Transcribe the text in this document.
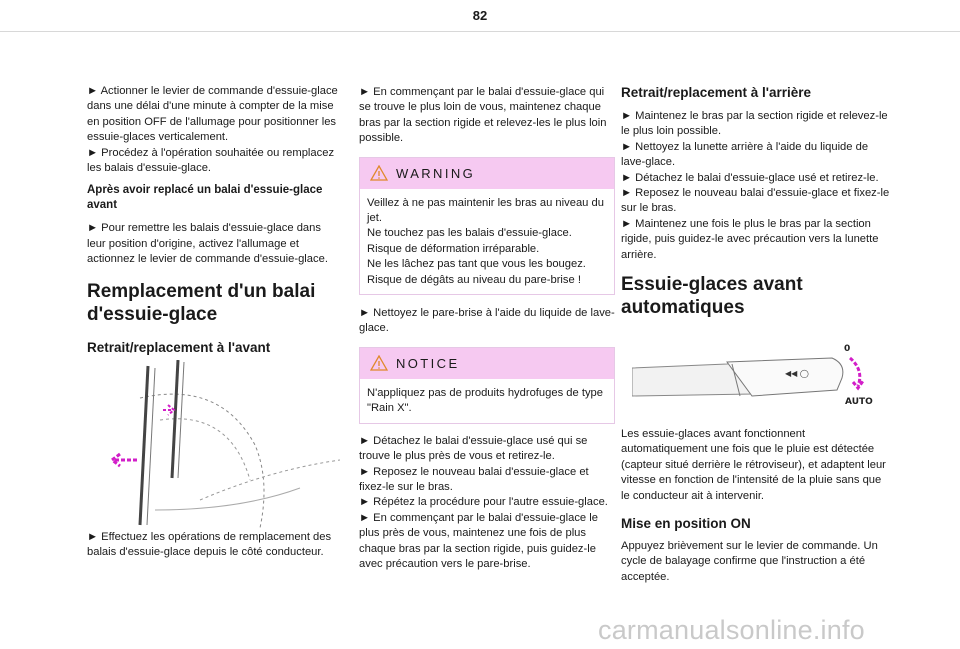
82

► Actionner le levier de commande d'essuie-glace dans une délai d'une minute à compter de la mise en position OFF de l'allumage pour positionner les essuie-glaces verticalement.

► Procédez à l'opération souhaitée ou remplacez les balais d'essuie-glace.

Après avoir replacé un balai d'essuie-glace avant

► Pour remettre les balais d'essuie-glace dans leur position d'origine, activez l'allumage et actionnez le levier de commande d'essuie-glace.

Remplacement d'un balai d'essuie-glace

Retrait/replacement à l'avant

► Effectuez les opérations de remplacement des balais d'essuie-glace depuis le côté conducteur.

► En commençant par le balai d'essuie-glace qui se trouve le plus loin de vous, maintenez chaque bras par la section rigide et relevez-les le plus loin possible.

WARNING

Veillez à ne pas maintenir les bras au niveau du jet.

Ne touchez pas les balais d'essuie-glace.

Risque de déformation irréparable.

Ne les lâchez pas tant que vous les bougez.

Risque de dégâts au niveau du pare-brise !

► Nettoyez le pare-brise à l'aide du liquide de lave-glace.

NOTICE

N'appliquez pas de produits hydrofuges de type "Rain X".

► Détachez le balai d'essuie-glace usé qui se trouve le plus près de vous et retirez-le.

► Reposez le nouveau balai d'essuie-glace et fixez-le sur le bras.

► Répétez la procédure pour l'autre essuie-glace.

► En commençant par le balai d'essuie-glace le plus près de vous, maintenez une fois de plus chaque bras par la section rigide, puis guidez-le avec précaution vers le pare-brise.

Retrait/replacement à l'arrière

► Maintenez le bras par la section rigide et relevez-le le plus loin possible.

► Nettoyez la lunette arrière à l'aide du liquide de lave-glace.

► Détachez le balai d'essuie-glace usé et retirez-le.

► Reposez le nouveau balai d'essuie-glace et fixez-le sur le bras.

► Maintenez une fois le plus le bras par la section rigide, puis guidez-le avec précaution vers la lunette arrière.

Essuie-glaces avant automatiques

◀◀ ◯
0
AUTO

Les essuie-glaces avant fonctionnent automatiquement une fois que le pluie est détectée (capteur situé derrière le rétroviseur), et adaptent leur vitesse en fonction de l'intensité de la pluie sans que le conducteur ait à intervenir.

Mise en position ON

Appuyez brièvement sur le levier de commande. Un cycle de balayage confirme que l'instruction a été acceptée.

carmanualsonline.info
